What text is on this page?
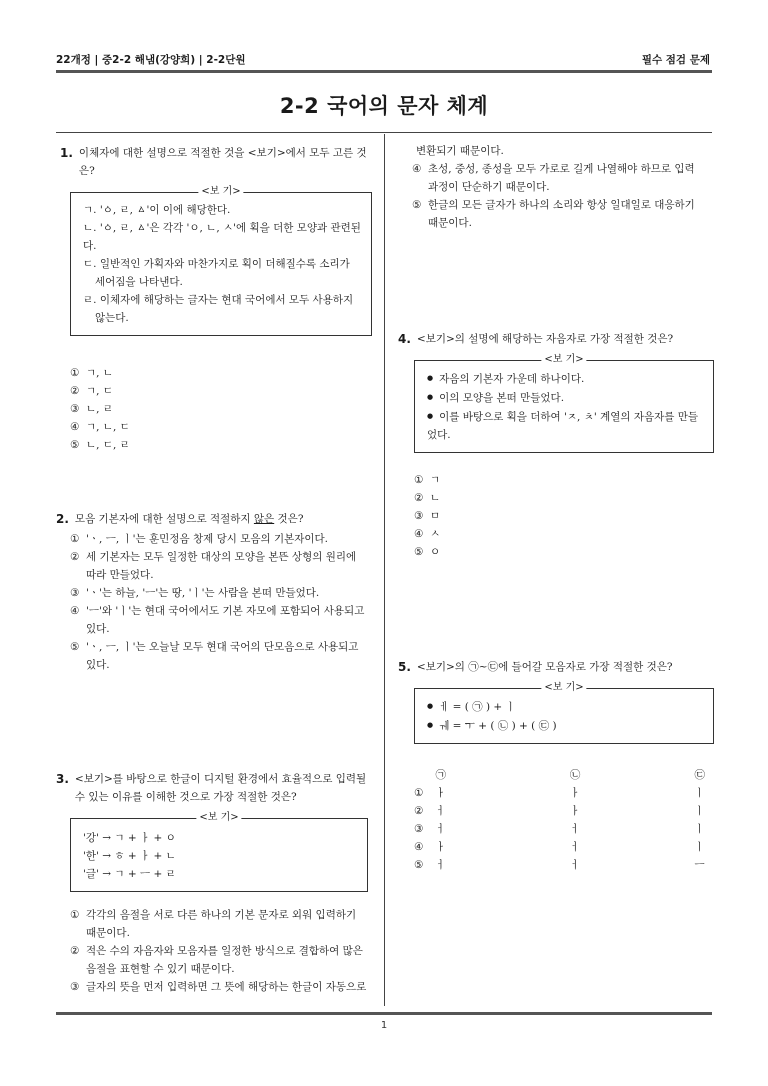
22개정 | 중2-2 해냄(강양희) | 2-2단원	필수 점검 문제
2-2 국어의 문자 체계
1. 이체자에 대한 설명으로 적절한 것을 <보기>에서 모두 고른 것은?
<보 기>
ㄱ. 'ㆁ, ㄹ, ㅿ'이 이에 해당한다.
ㄴ. 'ㆁ, ㄹ, ㅿ'은 각각 'ㅇ, ㄴ, ㅅ'에 획을 더한 모양과 관련된다.
ㄷ. 일반적인 가획자와 마찬가지로 획이 더해질수록 소리가
세어짐을 나타낸다.
ㄹ. 이체자에 해당하는 글자는 현대 국어에서 모두 사용하지
않는다.
① ㄱ, ㄴ
② ㄱ, ㄷ
③ ㄴ, ㄹ
④ ㄱ, ㄴ, ㄷ
⑤ ㄴ, ㄷ, ㄹ
2. 모음 기본자에 대한 설명으로 적절하지 않은 것은?
① 'ㆍ, ㅡ, ㅣ'는 훈민정음 창제 당시 모음의 기본자이다.
② 세 기본자는 모두 일정한 대상의 모양을 본뜬 상형의 원리에
따라 만들었다.
③ 'ㆍ'는 하늘, 'ㅡ'는 땅, 'ㅣ'는 사람을 본떠 만들었다.
④ 'ㅡ'와 'ㅣ'는 현대 국어에서도 기본 자모에 포함되어 사용되고
있다.
⑤ 'ㆍ, ㅡ, ㅣ'는 오늘날 모두 현대 국어의 단모음으로 사용되고
있다.
3. <보기>를 바탕으로 한글이 디지털 환경에서 효율적으로 입력될 수 있는 이유를 이해한 것으로 가장 적절한 것은?
<보 기>
'강' → ㄱ + ㅏ + ㅇ
'한' → ㅎ + ㅏ + ㄴ
'글' → ㄱ + ㅡ + ㄹ
① 각각의 음절을 서로 다른 하나의 기본 문자로 외워 입력하기
때문이다.
② 적은 수의 자음자와 모음자를 일정한 방식으로 결합하여 많은
음절을 표현할 수 있기 때문이다.
③ 글자의 뜻을 먼저 입력하면 그 뜻에 해당하는 한글이 자동으로
4. <보기>의 설명에 해당하는 자음자로 가장 적절한 것은?
<보 기>
● 자음의 기본자 가운데 하나이다.
● 이의 모양을 본떠 만들었다.
● 이를 바탕으로 획을 더하여 'ㅈ, ㅊ' 계열의 자음자를 만들었다.
① ㄱ
② ㄴ
③ ㅁ
④ ㅅ
⑤ ㅇ
5. <보기>의 ㉠~㉢에 들어갈 모음자로 가장 적절한 것은?
<보 기>
● ㅔ = ( ㉠ ) + ㅣ
● ㅞ = ㅜ + ( ㉡ ) + ( ㉢ )
㉠	㉡	㉢
①	ㅏ	ㅏ	ㅣ
②	ㅓ	ㅏ	ㅣ
③	ㅓ	ㅓ	ㅣ
④	ㅏ	ㅓ	ㅣ
⑤	ㅓ	ㅓ	ㅡ
1
변환되기 때문이다.
④ 초성, 중성, 종성을 모두 가로로 길게 나열해야 하므로 입력
과정이 단순하기 때문이다.
⑤ 한글의 모든 글자가 하나의 소리와 항상 일대일로 대응하기
때문이다.
